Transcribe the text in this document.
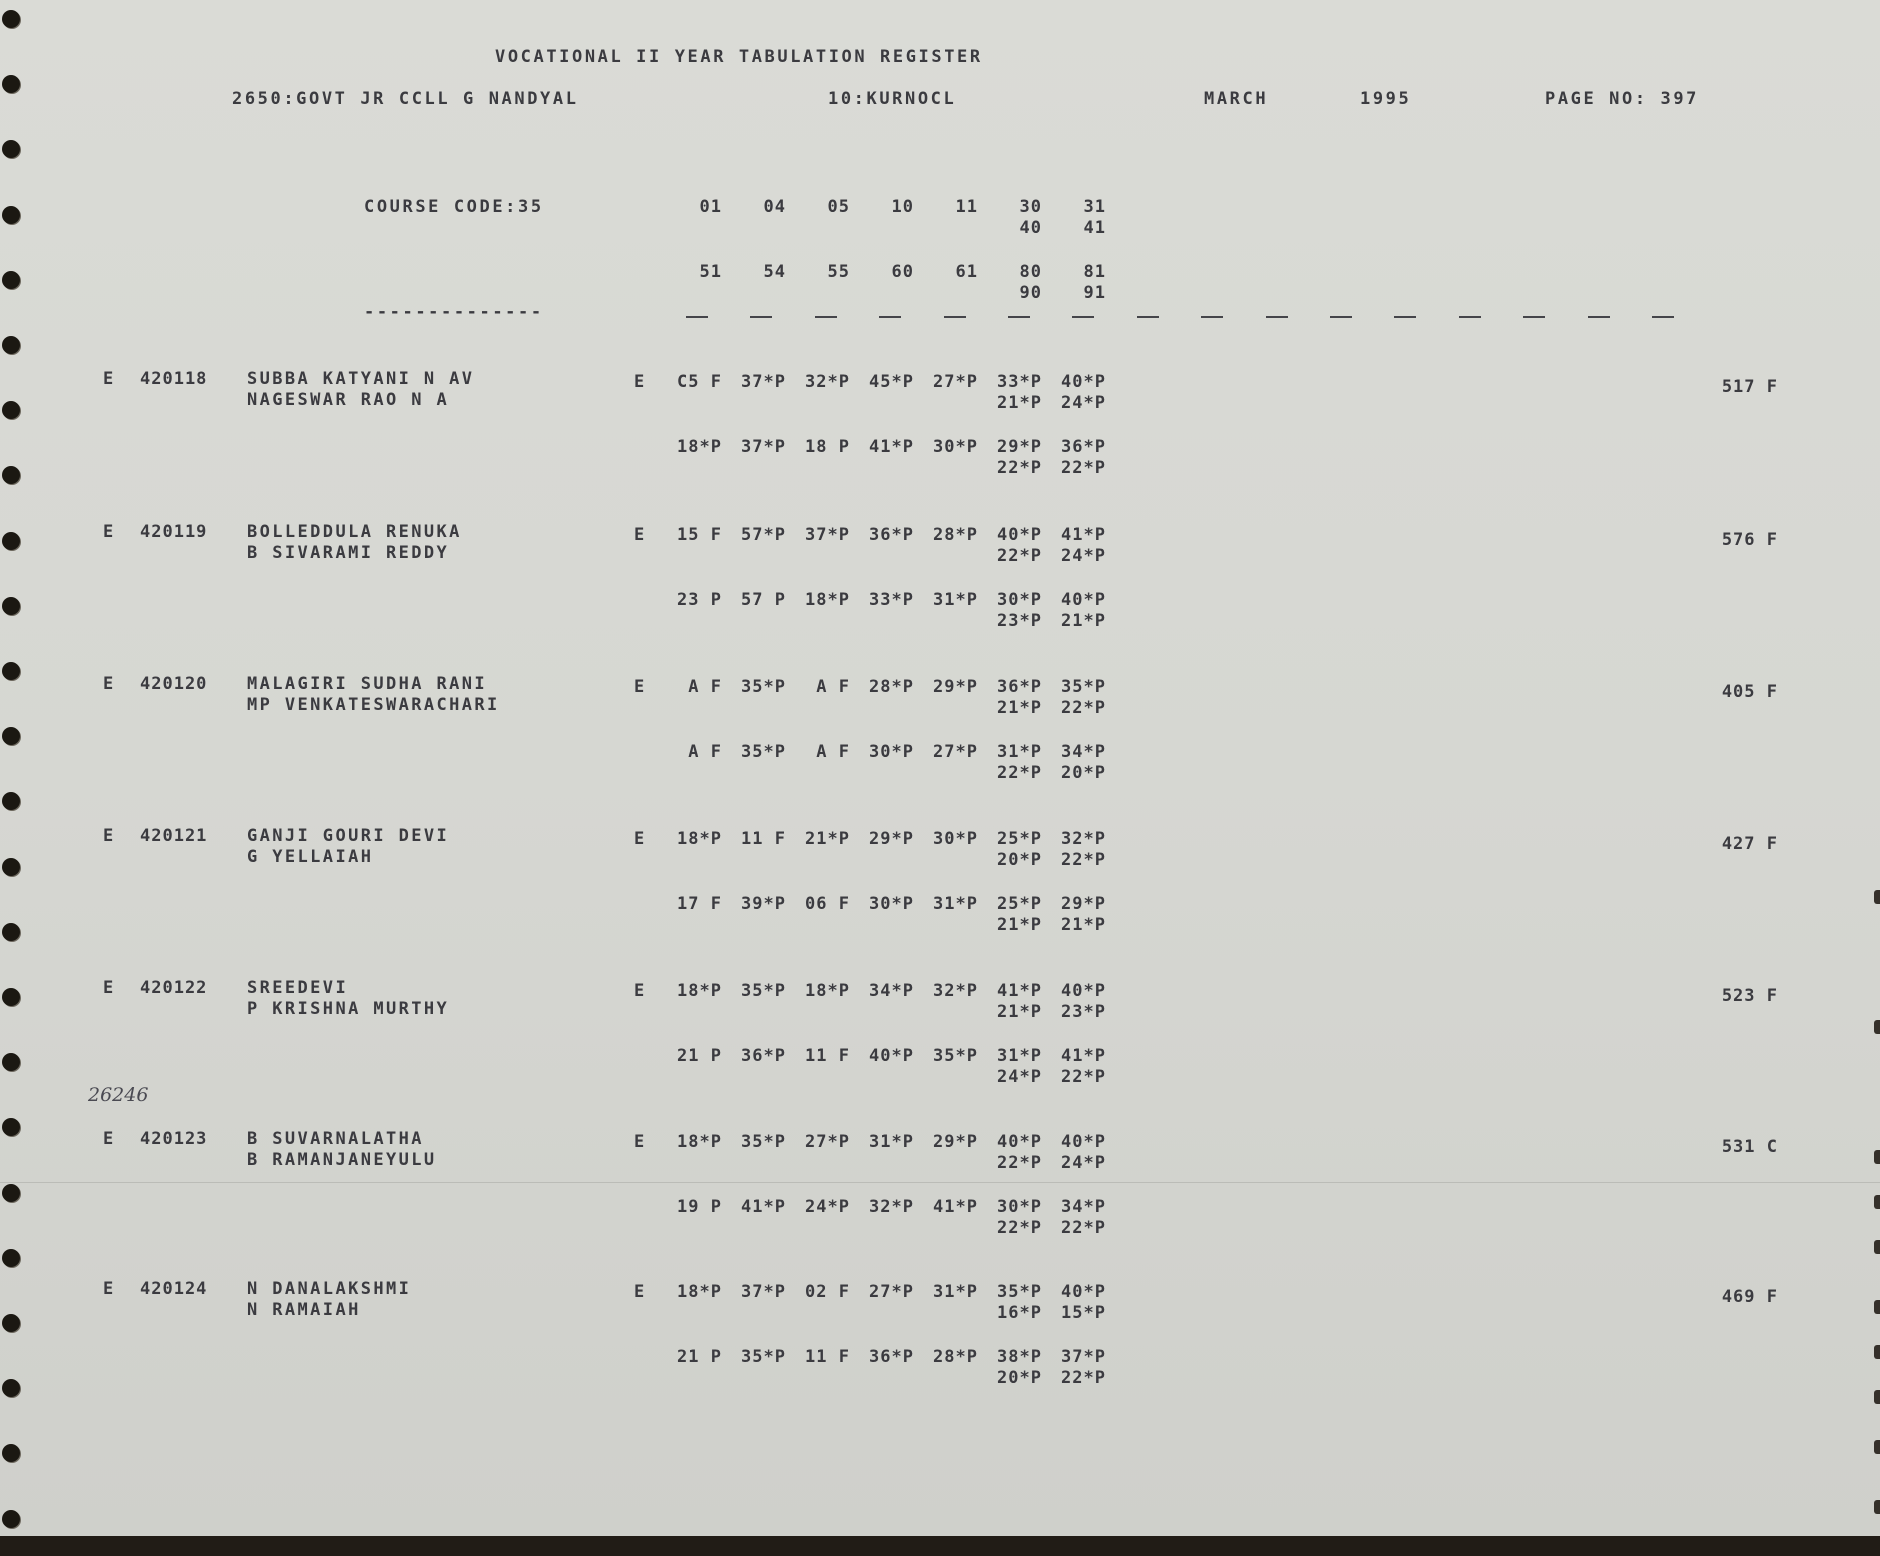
VOCATIONAL II YEAR TABULATION REGISTER
2650:GOVT JR CCLL G NANDYAL	10:KURNOCL	MARCH	1995	PAGE NO: 397
COURSE CODE:35	01 04 05 10 11 30 31
40 41
51 54 55 60 61 80 81
90 91
--------------
E 420118 SUBBA KATYANI N AV
NAGESWAR RAO N A
E C5 F 37*P 32*P 45*P 27*P 33*P 40*P
21*P 24*P
18*P 37*P 18 P 41*P 30*P 29*P 36*P
22*P 22*P
517 F
E 420119 BOLLEDDULA RENUKA
B SIVARAMI REDDY
E 15 F 57*P 37*P 36*P 28*P 40*P 41*P
22*P 24*P
23 P 57 P 18*P 33*P 31*P 30*P 40*P
23*P 21*P
576 F
E 420120 MALAGIRI SUDHA RANI
MP VENKATESWARACHARI
E	A F 35*P A F 28*P 29*P 36*P 35*P
21*P 22*P
A F 35*P A F 30*P 27*P 31*P 34*P
22*P 20*P
405 F
E 420121 GANJI GOURI DEVI
G YELLAIAH
E 18*P 11 F 21*P 29*P 30*P 25*P 32*P
20*P 22*P
17 F 39*P 06 F 30*P 31*P 25*P 29*P
21*P 21*P
427 F
E 420122 SREEDEVI
P KRISHNA MURTHY
E 18*P 35*P 18*P 34*P 32*P 41*P 40*P
21*P 23*P
21 P 36*P 11 F 40*P 35*P 31*P 41*P
24*P 22*P
523 F
E 420123 B SUVARNALATHA
B RAMANJANEYULU
E 18*P 35*P 27*P 31*P 29*P 40*P 40*P
22*P 24*P
19 P 41*P 24*P 32*P 41*P 30*P 34*P
22*P 22*P
531 C
E 420124 N DANALAKSHMI
N RAMAIAH
E 18*P 37*P 02 F 27*P 31*P 35*P 40*P
16*P 15*P
21 P 35*P 11 F 36*P 28*P 38*P 37*P
20*P 22*P
469 F
26246
